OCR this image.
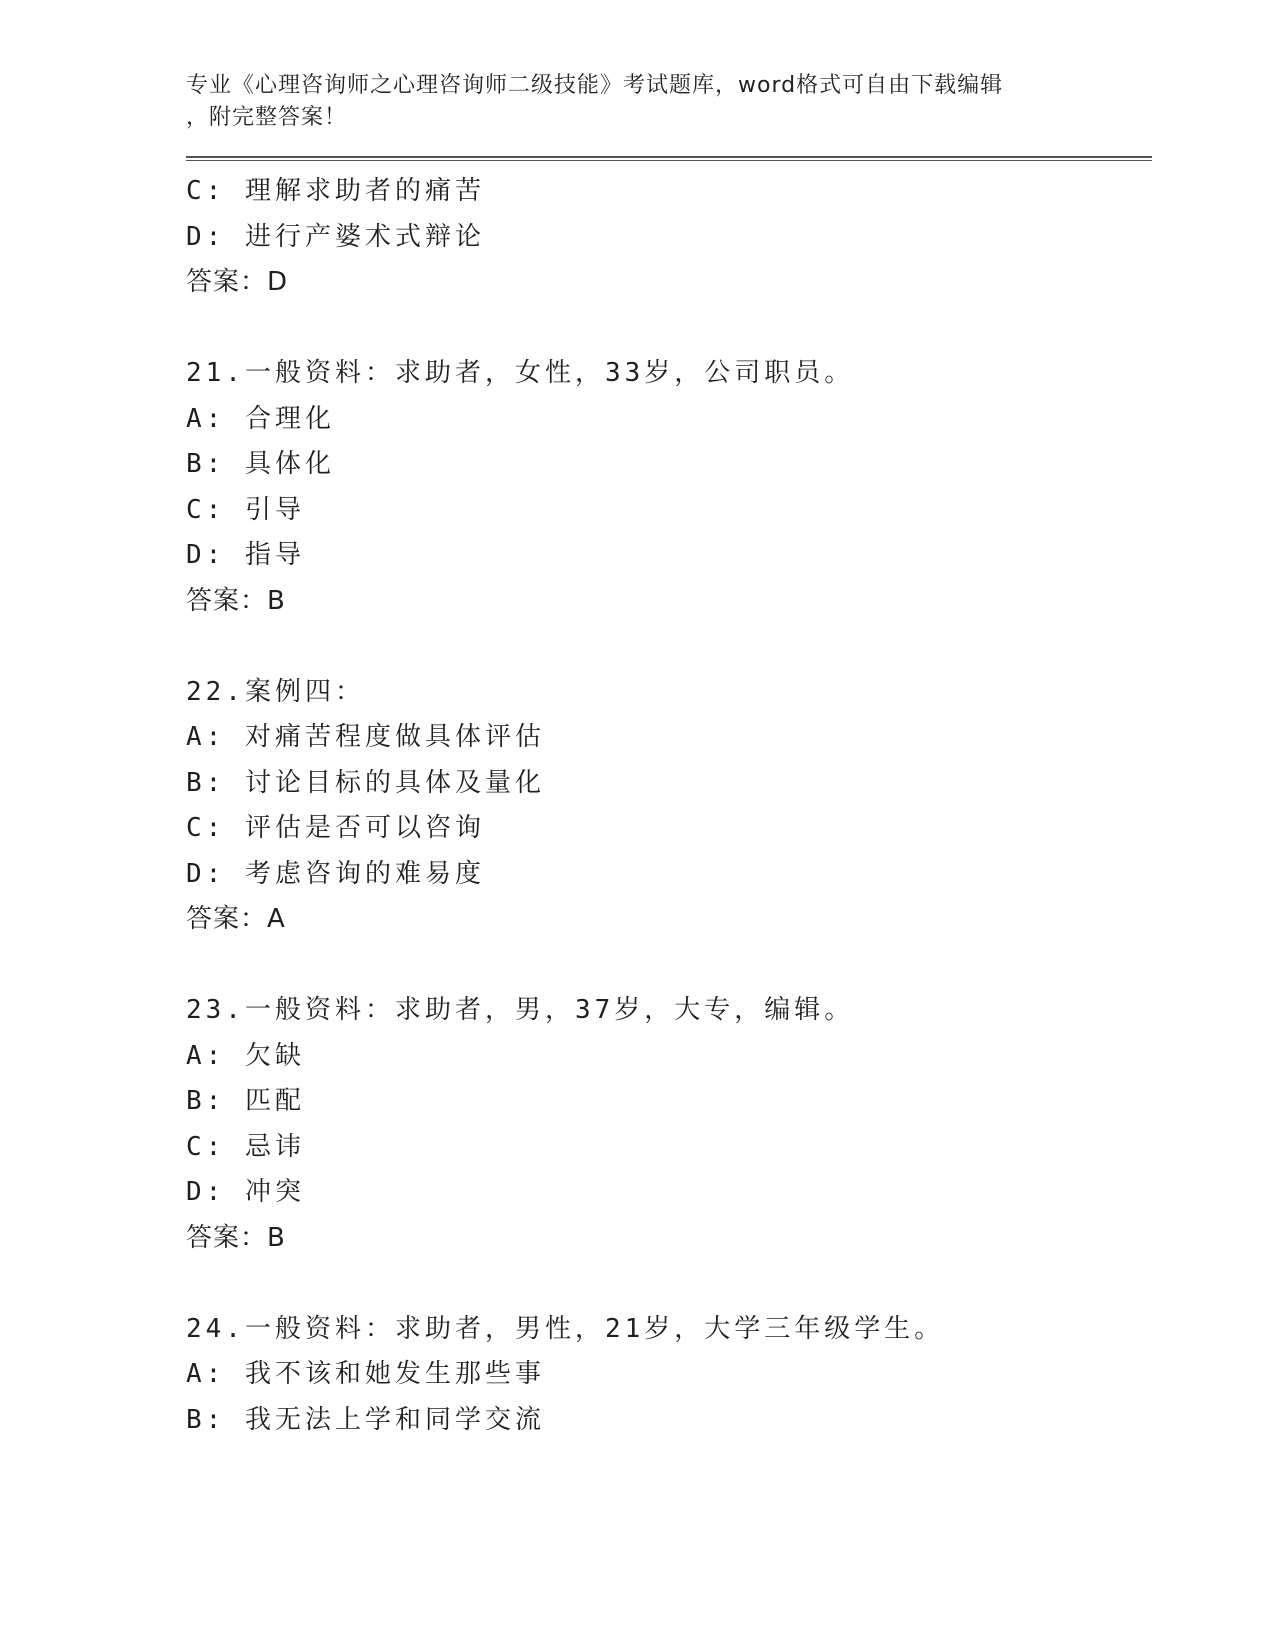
专业《心理咨询师之心理咨询师二级技能》考试题库，word格式可自由下载编辑
，附完整答案！
C: 理解求助者的痛苦
D: 进行产婆术式辩论
答案：D
21.一般资料：求助者，女性，33岁，公司职员。
A: 合理化
B: 具体化
C: 引导
D: 指导
答案：B
22.案例四：
A: 对痛苦程度做具体评估
B: 讨论目标的具体及量化
C: 评估是否可以咨询
D: 考虑咨询的难易度
答案：A
23.一般资料：求助者，男，37岁，大专，编辑。
A: 欠缺
B: 匹配
C: 忌讳
D: 冲突
答案：B
24.一般资料：求助者，男性，21岁，大学三年级学生。
A: 我不该和她发生那些事
B: 我无法上学和同学交流
